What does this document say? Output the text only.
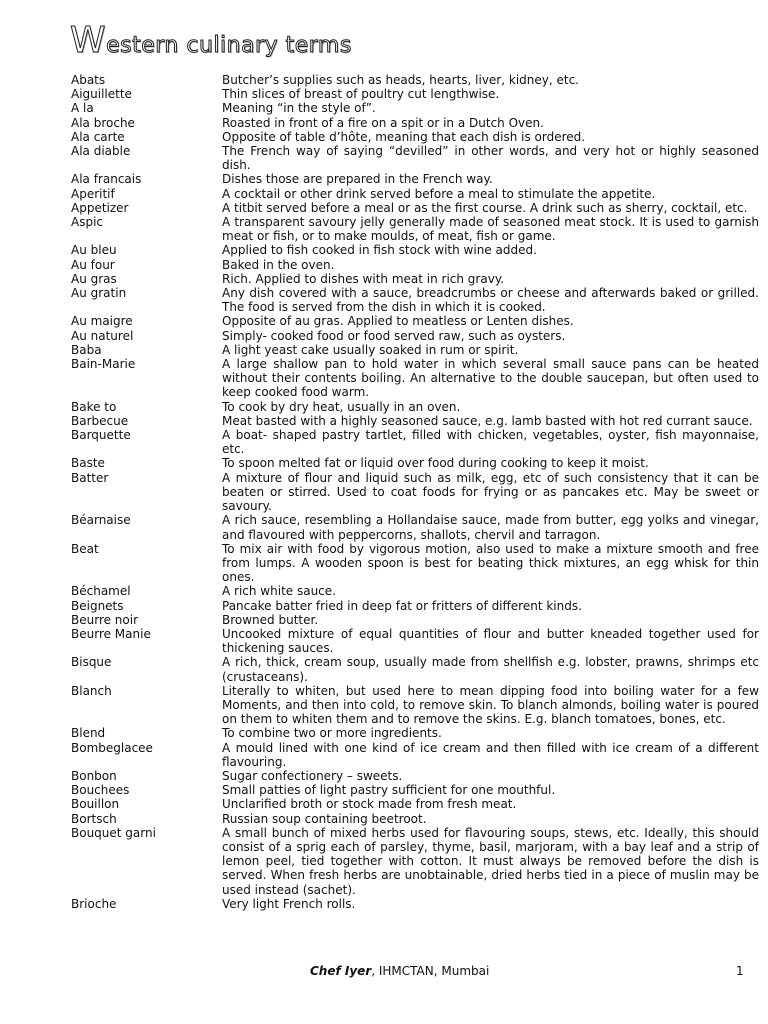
Western culinary terms
Abats	Butcher’s supplies such as heads, hearts, liver, kidney, etc.
Aiguillette	Thin slices of breast of poultry cut lengthwise.
A la	Meaning “in the style of”.
Ala broche	Roasted in front of a fire on a spit or in a Dutch Oven.
Ala carte	Opposite of table d’hôte, meaning that each dish is ordered.
Ala diable	The French way of saying “devilled” in other words, and very hot or highly seasoned dish.
Ala francais	Dishes those are prepared in the French way.
Aperitif	A cocktail or other drink served before a meal to stimulate the appetite.
Appetizer	A titbit served before a meal or as the first course. A drink such as sherry, cocktail, etc.
Aspic	A transparent savoury jelly generally made of seasoned meat stock. It is used to garnish meat or fish, or to make moulds, of meat, fish or game.
Au bleu	Applied to fish cooked in fish stock with wine added.
Au four	Baked in the oven.
Au gras	Rich. Applied to dishes with meat in rich gravy.
Au gratin	Any dish covered with a sauce, breadcrumbs or cheese and afterwards baked or grilled. The food is served from the dish in which it is cooked.
Au maigre	Opposite of au gras. Applied to meatless or Lenten dishes.
Au naturel	Simply- cooked food or food served raw, such as oysters.
Baba	A light yeast cake usually soaked in rum or spirit.
Bain-Marie	A large shallow pan to hold water in which several small sauce pans can be heated without their contents boiling. An alternative to the double saucepan, but often used to keep cooked food warm.
Bake to	To cook by dry heat, usually in an oven.
Barbecue	Meat basted with a highly seasoned sauce, e.g. lamb basted with hot red currant sauce.
Barquette	A boat- shaped pastry tartlet, filled with chicken, vegetables, oyster, fish mayonnaise, etc.
Baste	To spoon melted fat or liquid over food during cooking to keep it moist.
Batter	A mixture of flour and liquid such as milk, egg, etc of such consistency that it can be beaten or stirred. Used to coat foods for frying or as pancakes etc. May be sweet or savoury.
Béarnaise	A rich sauce, resembling a Hollandaise sauce, made from butter, egg yolks and vinegar, and flavoured with peppercorns, shallots, chervil and tarragon.
Beat	To mix air with food by vigorous motion, also used to make a mixture smooth and free from lumps. A wooden spoon is best for beating thick mixtures, an egg whisk for thin ones.
Béchamel	A rich white sauce.
Beignets	Pancake batter fried in deep fat or fritters of different kinds.
Beurre noir	Browned butter.
Beurre Manie	Uncooked mixture of equal quantities of flour and butter kneaded together used for thickening sauces.
Bisque	A rich, thick, cream soup, usually made from shellfish e.g. lobster, prawns, shrimps etc (crustaceans).
Blanch	Literally to whiten, but used here to mean dipping food into boiling water for a few Moments, and then into cold, to remove skin. To blanch almonds, boiling water is poured on them to whiten them and to remove the skins. E.g. blanch tomatoes, bones, etc.
Blend	To combine two or more ingredients.
Bombeglacee	A mould lined with one kind of ice cream and then filled with ice cream of a different flavouring.
Bonbon	Sugar confectionery – sweets.
Bouchees	Small patties of light pastry sufficient for one mouthful.
Bouillon	Unclarified broth or stock made from fresh meat.
Bortsch	Russian soup containing beetroot.
Bouquet garni	A small bunch of mixed herbs used for flavouring soups, stews, etc. Ideally, this should consist of a sprig each of parsley, thyme, basil, marjoram, with a bay leaf and a strip of lemon peel, tied together with cotton. It must always be removed before the dish is served. When fresh herbs are unobtainable, dried herbs tied in a piece of muslin may be used instead (sachet).
Brioche	Very light French rolls.
Chef Iyer, IHMCTAN, Mumbai	1
